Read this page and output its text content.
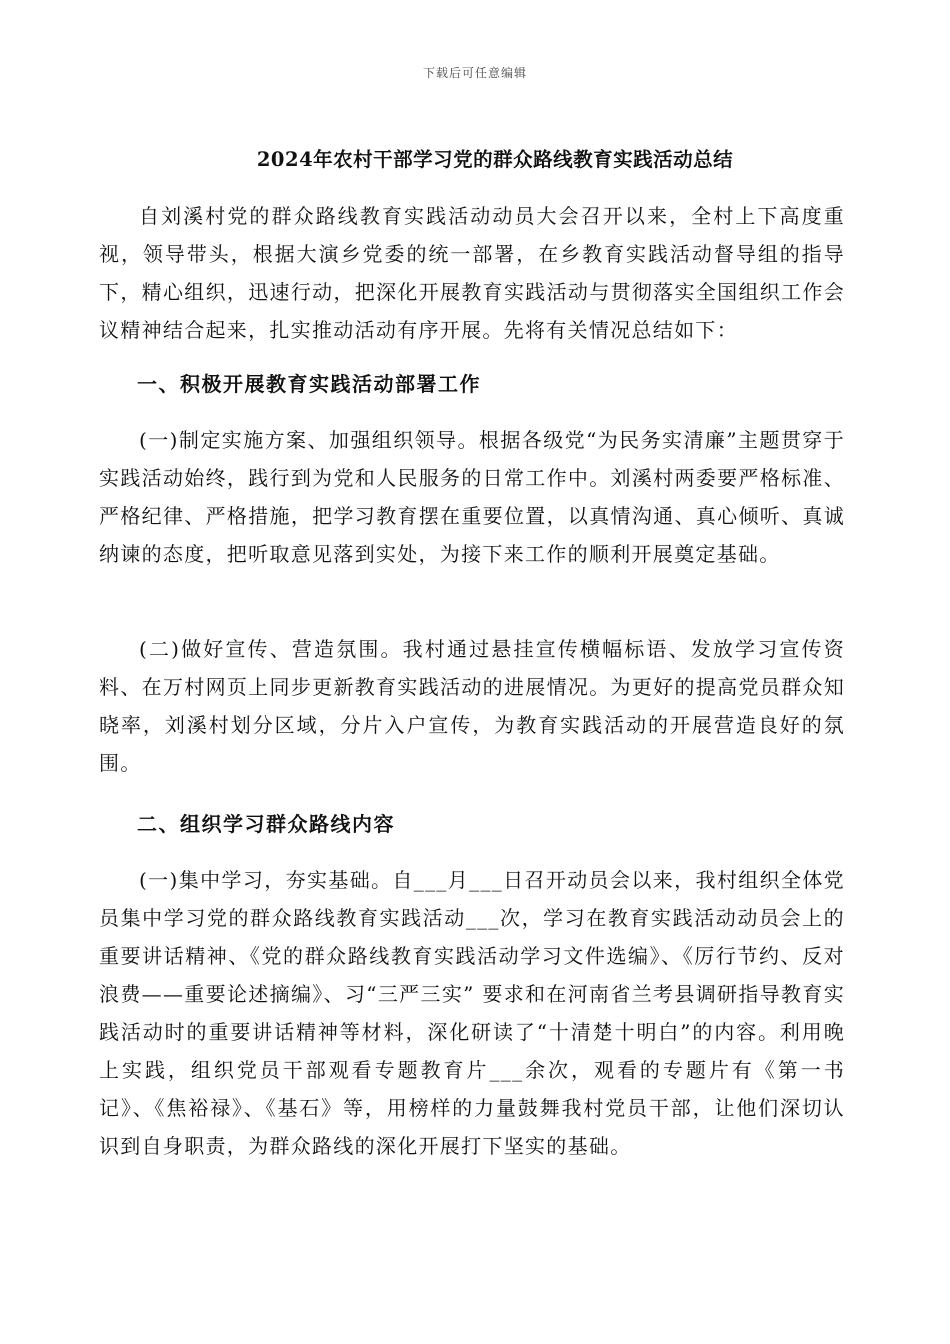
下载后可任意编辑
2024年农村干部学习党的群众路线教育实践活动总结

自刘溪村党的群众路线教育实践活动动员大会召开以来，全村上下高度重视，领导带头，根据大演乡党委的统一部署，在乡教育实践活动督导组的指导下，精心组织，迅速行动，把深化开展教育实践活动与贯彻落实全国组织工作会议精神结合起来，扎实推动活动有序开展。先将有关情况总结如下：

一、积极开展教育实践活动部署工作

(一)制定实施方案、加强组织领导。根据各级党“为民务实清廉”主题贯穿于实践活动始终，践行到为党和人民服务的日常工作中。刘溪村两委要严格标准、严格纪律、严格措施，把学习教育摆在重要位置，以真情沟通、真心倾听、真诚纳谏的态度，把听取意见落到实处，为接下来工作的顺利开展奠定基础。

(二)做好宣传、营造氛围。我村通过悬挂宣传横幅标语、发放学习宣传资料、在万村网页上同步更新教育实践活动的进展情况。为更好的提高党员群众知晓率，刘溪村划分区域，分片入户宣传，为教育实践活动的开展营造良好的氛围。

二、组织学习群众路线内容

(一)集中学习，夯实基础。自___月___日召开动员会以来，我村组织全体党员集中学习党的群众路线教育实践活动___次，学习在教育实践活动动员会上的重要讲话精神、《党的群众路线教育实践活动学习文件选编》、《厉行节约、反对浪费——重要论述摘编》、习“三严三实” 要求和在河南省兰考县调研指导教育实践活动时的重要讲话精神等材料，深化研读了“十清楚十明白”的内容。利用晚上实践，组织党员干部观看专题教育片___余次，观看的专题片有《第一书记》、《焦裕禄》、《基石》等，用榜样的力量鼓舞我村党员干部，让他们深切认识到自身职责，为群众路线的深化开展打下坚实的基础。
